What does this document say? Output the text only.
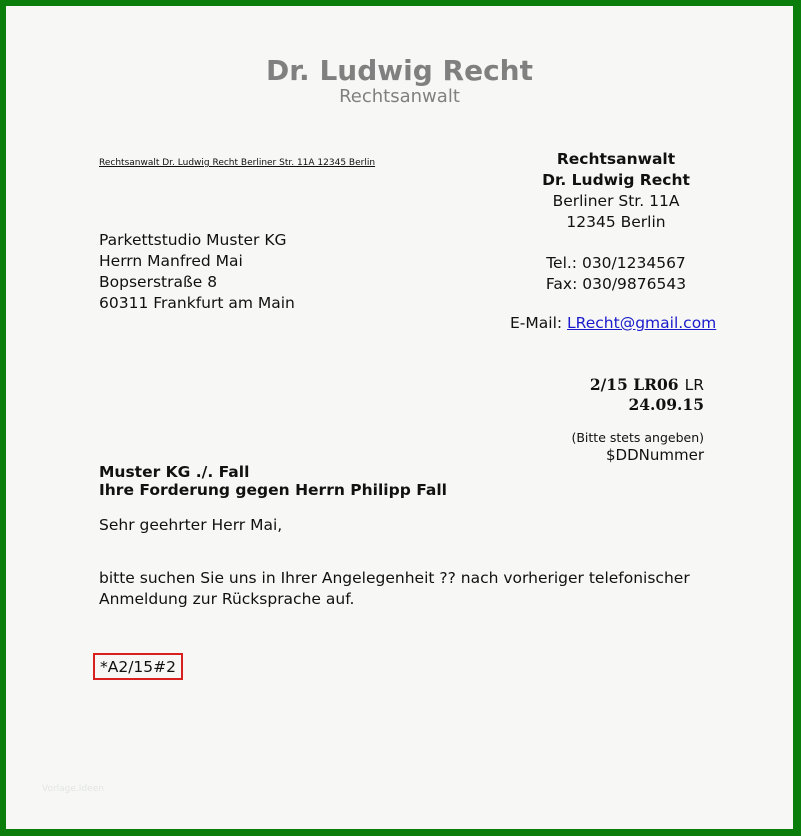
Dr. Ludwig Recht
Rechtsanwalt
Rechtsanwalt Dr. Ludwig Recht Berliner Str. 11A 12345 Berlin	Rechtsanwalt
Dr. Ludwig Recht
Berliner Str. 11A
12345 Berlin
Tel.: 030/1234567
Fax: 030/9876543
E-Mail: LRecht@gmail.com
Parkettstudio Muster KG
Herrn Manfred Mai
Bopserstraße 8
60311 Frankfurt am Main
2/15 LR06 LR
24.09.15
(Bitte stets angeben)
$DDNummer
Muster KG ./. Fall
Ihre Forderung gegen Herrn Philipp Fall
Sehr geehrter Herr Mai,
bitte suchen Sie uns in Ihrer Angelegenheit ?? nach vorheriger telefonischer
Anmeldung zur Rücksprache auf.
*A2/15#2
Vorlage.Ideen
